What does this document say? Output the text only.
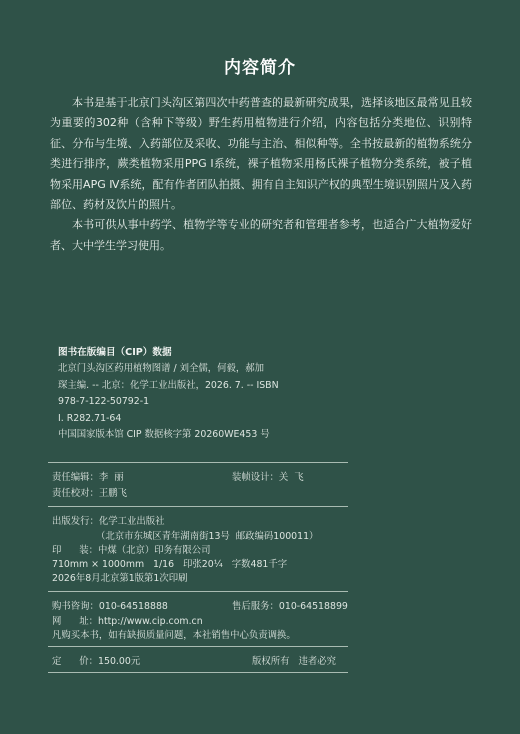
内容简介

本书是基于北京门头沟区第四次中药普查的最新研究成果，选择该地区最常见且较为重要的302种（含种下等级）野生药用植物进行介绍，内容包括分类地位、识别特征、分布与生境、入药部位及采收、功能与主治、相似种等。全书按最新的植物系统分类进行排序，蕨类植物采用PPG Ⅰ系统，裸子植物采用杨氏裸子植物分类系统，被子植物采用APG Ⅳ系统，配有作者团队拍摄、拥有自主知识产权的典型生境识别照片及入药部位、药材及饮片的照片。

本书可供从事中药学、植物学等专业的研究者和管理者参考，也适合广大植物爱好者、大中学生学习使用。

图书在版编目（CIP）数据
北京门头沟区药用植物图谱 / 刘全儒，何毅，郝加
琛主编. -- 北京：化学工业出版社，2026. 7. -- ISBN
978-7-122-50792-1
Ⅰ. R282.71-64
中国国家版本馆 CIP 数据核字第 20260WE453 号
责任编辑：李  丽	装帧设计：关  飞
责任校对：王鹏飞
出版发行：化学工业出版社
（北京市东城区青年湖南街13号  邮政编码100011）
印      装：中煤（北京）印务有限公司
710mm × 1000mm   1/16   印张20¼   字数481千字
2026年8月北京第1版第1次印刷
购书咨询：010-64518888	售后服务：010-64518899
网      址：http://www.cip.com.cn
凡购买本书，如有缺损质量问题，本社销售中心负责调换。
定      价：150.00元	版权所有   违者必究
